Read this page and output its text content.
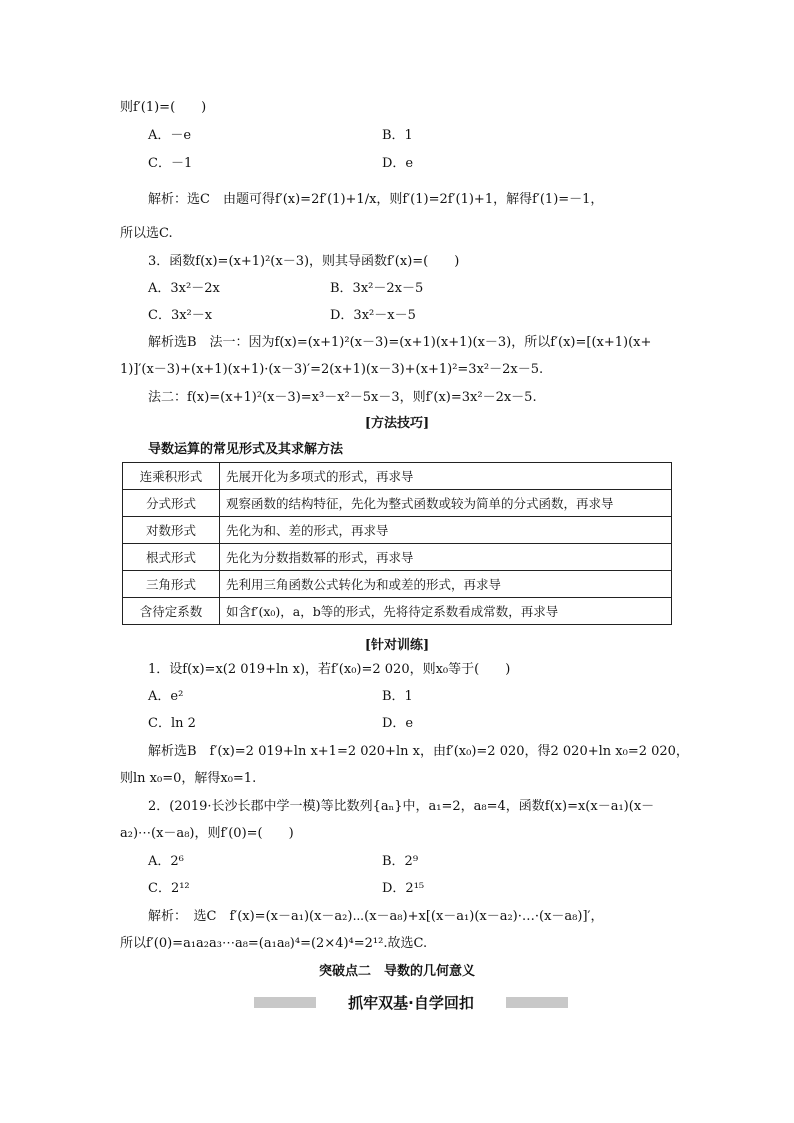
则f′(1)=(　　)
A．－e	B．1
C．－1	D．e
解析：选C　由题可得f′(x)=2f′(1)+1/x，则f′(1)=2f′(1)+1，解得f′(1)=－1，
所以选C.
3．函数f(x)=(x+1)²(x－3)，则其导函数f′(x)=(　　)
A．3x²－2x	B．3x²－2x－5
C．3x²－x	D．3x²－x－5
解析选B　法一：因为f(x)=(x+1)²(x－3)=(x+1)(x+1)(x－3)，所以f′(x)=[(x+1)(x+
1)]′(x－3)+(x+1)(x+1)·(x－3)′=2(x+1)(x－3)+(x+1)²=3x²－2x－5.
法二：f(x)=(x+1)²(x－3)=x³－x²－5x－3，则f′(x)=3x²－2x－5.
[方法技巧]
导数运算的常见形式及其求解方法
连乘积形式	先展开化为多项式的形式，再求导
分式形式	观察函数的结构特征，先化为整式函数或较为简单的分式函数，再求导
对数形式	先化为和、差的形式，再求导
根式形式	先化为分数指数幂的形式，再求导
三角形式	先利用三角函数公式转化为和或差的形式，再求导
含待定系数	如含f′(x₀)，a，b等的形式，先将待定系数看成常数，再求导
[针对训练]
1．设f(x)=x(2 019+ln x)，若f′(x₀)=2 020，则x₀等于(　　)
A．e²	B．1
C．ln 2	D．e
解析选B　f′(x)=2 019+ln x+1=2 020+ln x，由f′(x₀)=2 020，得2 020+ln x₀=2 020，
则ln x₀=0，解得x₀=1.
2．(2019·长沙长郡中学一模)等比数列{aₙ}中，a₁=2，a₈=4，函数f(x)=x(x－a₁)(x－
a₂)⋯(x－a₈)，则f′(0)=(　　)
A．2⁶	B．2⁹
C．2¹²	D．2¹⁵
解析：　选C　f′(x)=(x－a₁)(x－a₂)⋯(x－a₈)+x[(x－a₁)(x－a₂)·…·(x－a₈)]′，
所以f′(0)=a₁a₂a₃⋯a₈=(a₁a₈)⁴=(2×4)⁴=2¹².故选C.
突破点二　导数的几何意义
抓牢双基·自学回扣
